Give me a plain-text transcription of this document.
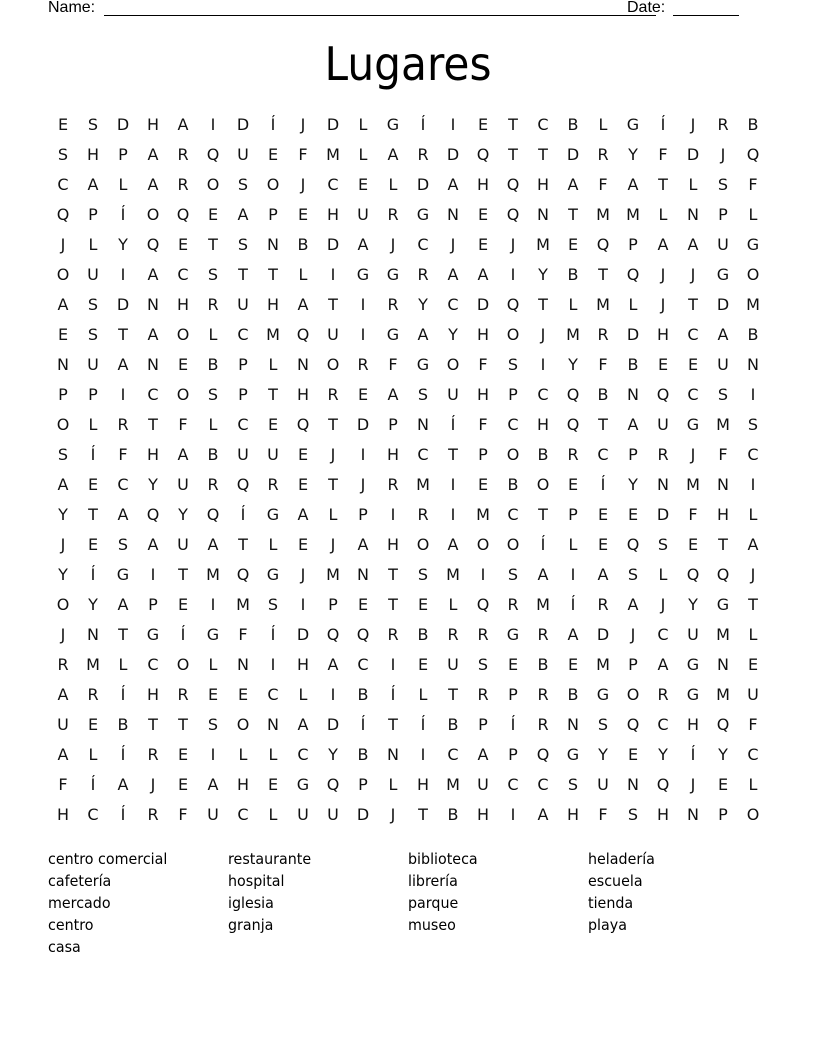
Name:	Date:
Lugares
E	S	D	H	A	I	D	Í	J	D	L	G	Í	I	E	T	C	B	L	G	Í	J	R	B
S	H	P	A	R	Q	U	E	F	M	L	A	R	D	Q	T	T	D	R	Y	F	D	J	Q
C	A	L	A	R	O	S	O	J	C	E	L	D	A	H	Q	H	A	F	A	T	L	S	F
Q	P	Í	O	Q	E	A	P	E	H	U	R	G	N	E	Q	N	T	M	M	L	N	P	L
J	L	Y	Q	E	T	S	N	B	D	A	J	C	J	E	J	M	E	Q	P	A	A	U	G
O	U	I	A	C	S	T	T	L	I	G	G	R	A	A	I	Y	B	T	Q	J	J	G	O
A	S	D	N	H	R	U	H	A	T	I	R	Y	C	D	Q	T	L	M	L	J	T	D	M
E	S	T	A	O	L	C	M	Q	U	I	G	A	Y	H	O	J	M	R	D	H	C	A	B
N	U	A	N	E	B	P	L	N	O	R	F	G	O	F	S	I	Y	F	B	E	E	U	N
P	P	I	C	O	S	P	T	H	R	E	A	S	U	H	P	C	Q	B	N	Q	C	S	I
O	L	R	T	F	L	C	E	Q	T	D	P	N	Í	F	C	H	Q	T	A	U	G	M	S
S	Í	F	H	A	B	U	U	E	J	I	H	C	T	P	O	B	R	C	P	R	J	F	C
A	E	C	Y	U	R	Q	R	E	T	J	R	M	I	E	B	O	E	Í	Y	N	M	N	I
Y	T	A	Q	Y	Q	Í	G	A	L	P	I	R	I	M	C	T	P	E	E	D	F	H	L
J	E	S	A	U	A	T	L	E	J	A	H	O	A	O	O	Í	L	E	Q	S	E	T	A
Y	Í	G	I	T	M	Q	G	J	M	N	T	S	M	I	S	A	I	A	S	L	Q	Q	J
O	Y	A	P	E	I	M	S	I	P	E	T	E	L	Q	R	M	Í	R	A	J	Y	G	T
J	N	T	G	Í	G	F	Í	D	Q	Q	R	B	R	R	G	R	A	D	J	C	U	M	L
R	M	L	C	O	L	N	I	H	A	C	I	E	U	S	E	B	E	M	P	A	G	N	E
A	R	Í	H	R	E	E	C	L	I	B	Í	L	T	R	P	R	B	G	O	R	G	M	U
U	E	B	T	T	S	O	N	A	D	Í	T	Í	B	P	Í	R	N	S	Q	C	H	Q	F
A	L	Í	R	E	I	L	L	C	Y	B	N	I	C	A	P	Q	G	Y	E	Y	Í	Y	C
F	Í	A	J	E	A	H	E	G	Q	P	L	H	M	U	C	C	S	U	N	Q	J	E	L
H	C	Í	R	F	U	C	L	U	U	D	J	T	B	H	I	A	H	F	S	H	N	P	O
centro comercial
cafetería
mercado
centro
casa
restaurante
hospital
iglesia
granja
biblioteca
librería
parque
museo
heladería
escuela
tienda
playa
